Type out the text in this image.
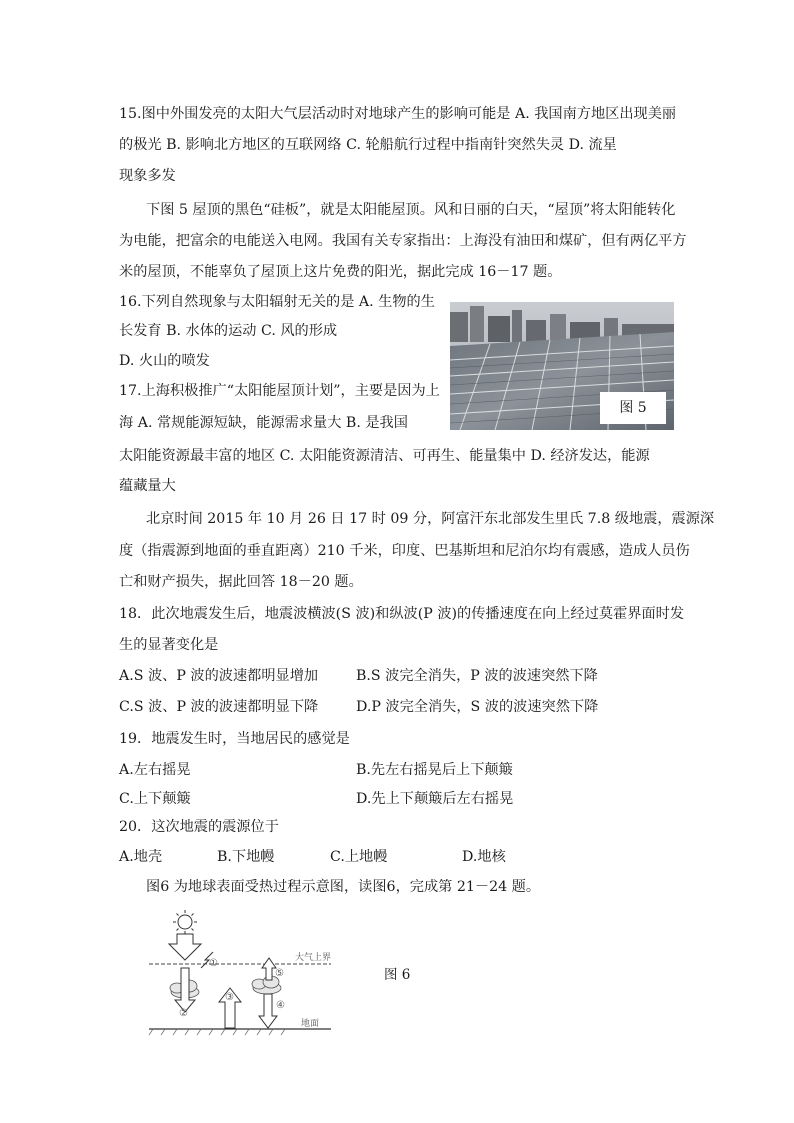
15.图中外围发亮的太阳大气层活动时对地球产生的影响可能是 A. 我国南方地区出现美丽
的极光 B. 影响北方地区的互联网络 C. 轮船航行过程中指南针突然失灵 D. 流星
现象多发
下图 5 屋顶的黑色“硅板”，就是太阳能屋顶。风和日丽的白天，“屋顶”将太阳能转化
为电能，把富余的电能送入电网。我国有关专家指出：上海没有油田和煤矿，但有两亿平方
米的屋顶，不能辜负了屋顶上这片免费的阳光，据此完成 16－17 题。
16.下列自然现象与太阳辐射无关的是 A. 生物的生
长发育 B. 水体的运动 C. 风的形成
D. 火山的喷发
17.上海积极推广“太阳能屋顶计划”，主要是因为上
海 A. 常规能源短缺，能源需求量大 B. 是我国
太阳能资源最丰富的地区 C. 太阳能资源清洁、可再生、能量集中 D. 经济发达，能源
蕴藏量大
图 5
北京时间 2015 年 10 月 26 日 17 时 09 分，阿富汗东北部发生里氏 7.8 级地震，震源深
度（指震源到地面的垂直距离）210 千米，印度、巴基斯坦和尼泊尔均有震感，造成人员伤
亡和财产损失，据此回答 18－20 题。
18．此次地震发生后，地震波横波(S 波)和纵波(P 波)的传播速度在向上经过莫霍界面时发
生的显著变化是
A.S 波、P 波的波速都明显增加	B.S 波完全消失，P 波的波速突然下降
C.S 波、P 波的波速都明显下降	D.P 波完全消失，S 波的波速突然下降
19．地震发生时，当地居民的感觉是
A.左右摇晃	B.先左右摇晃后上下颠簸
C.上下颠簸	D.先上下颠簸后左右摇晃
20．这次地震的震源位于
A.地壳	B.下地幔	C.上地幔	D.地核
图6 为地球表面受热过程示意图，读图6，完成第 21－24 题。
①	大气上界
②
③
⑤
④
地面
图 6
